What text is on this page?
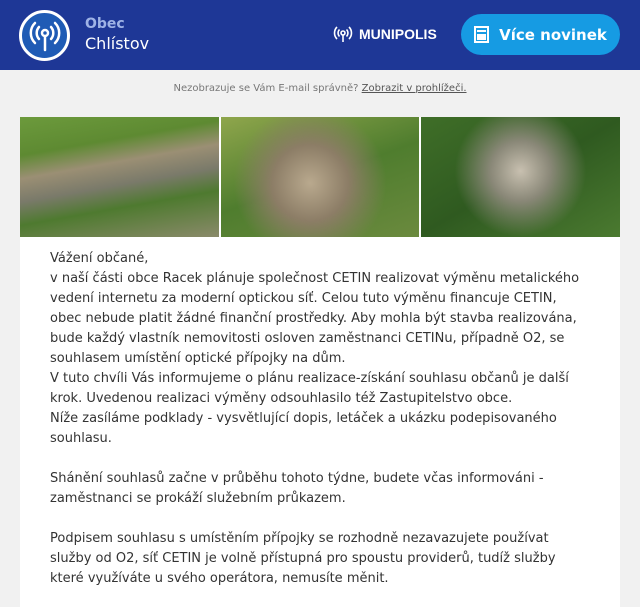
Obec
Chlístov	MUNIPOLIS	Více novinek
Nezobrazuje se Vám E-mail správně? Zobrazit v prohlížeči.
Vážení občané,
v naší části obce Racek plánuje společnost CETIN realizovat výměnu metalického
vedení internetu za moderní optickou síť. Celou tuto výměnu financuje CETIN,
obec nebude platit žádné finanční prostředky. Aby mohla být stavba realizována,
bude každý vlastník nemovitosti osloven zaměstnanci CETINu, případně O2, se
souhlasem umístění optické přípojky na dům.
V tuto chvíli Vás informujeme o plánu realizace-získání souhlasu občanů je další
krok. Uvedenou realizaci výměny odsouhlasilo též Zastupitelstvo obce.
Níže zasíláme podklady - vysvětlující dopis, letáček a ukázku podepisovaného
souhlasu.
Shánění souhlasů začne v průběhu tohoto týdne, budete včas informováni -
zaměstnanci se prokáží služebním průkazem.
Podpisem souhlasu s umístěním přípojky se rozhodně nezavazujete používat
služby od O2, síť CETIN je volně přístupná pro spoustu providerů, tudíž služby
které využíváte u svého operátora, nemusíte měnit.
